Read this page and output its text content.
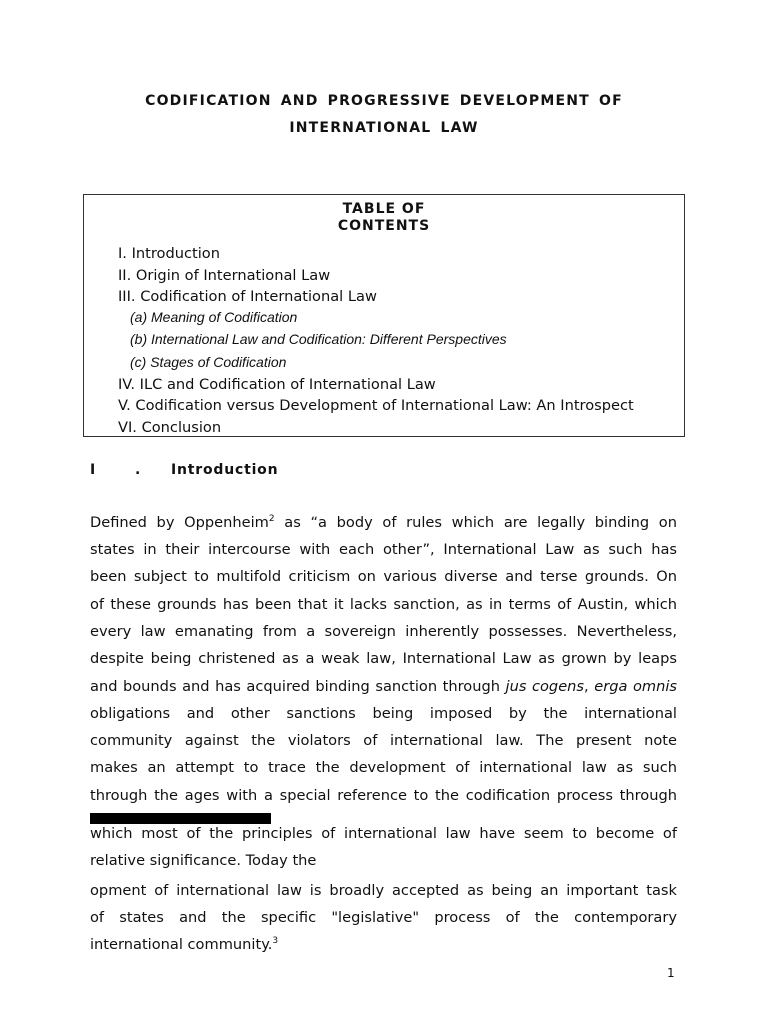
CODIFICATION AND PROGRESSIVE DEVELOPMENT OF
INTERNATIONAL LAW
TABLE OF
CONTENTS
I. Introduction
II. Origin of International Law
III. Codification of International Law
(a) Meaning of Codification
(b) International Law and Codification: Different Perspectives
(c) Stages of Codification
IV. ILC and Codification of International Law
V. Codification versus Development of International Law: An Introspect
VI. Conclusion
I	. Introduction
Defined by Oppenheim$^2$ as “a body of rules which are legally binding on
states in their intercourse with each other”, International Law as such has
been subject to multifold criticism on various diverse and terse grounds. On
of these grounds has been that it lacks sanction, as in terms of Austin, which
every law emanating from a sovereign inherently possesses. Nevertheless,
despite being christened as a weak law, International Law as grown by leaps
and bounds and has acquired binding sanction through jus cogens, erga omnis
obligations and other sanctions being imposed by the international
community against the violators of international law. The present note
makes an attempt to trace the development of international law as such
through the ages with a special reference to the codification process through
which most of the principles of international law have seem to become of
relative significance. Today the
opment of international law is broadly accepted as being an important task
of states and the specific "legislative" process of the contemporary
international community.$^3$
1
